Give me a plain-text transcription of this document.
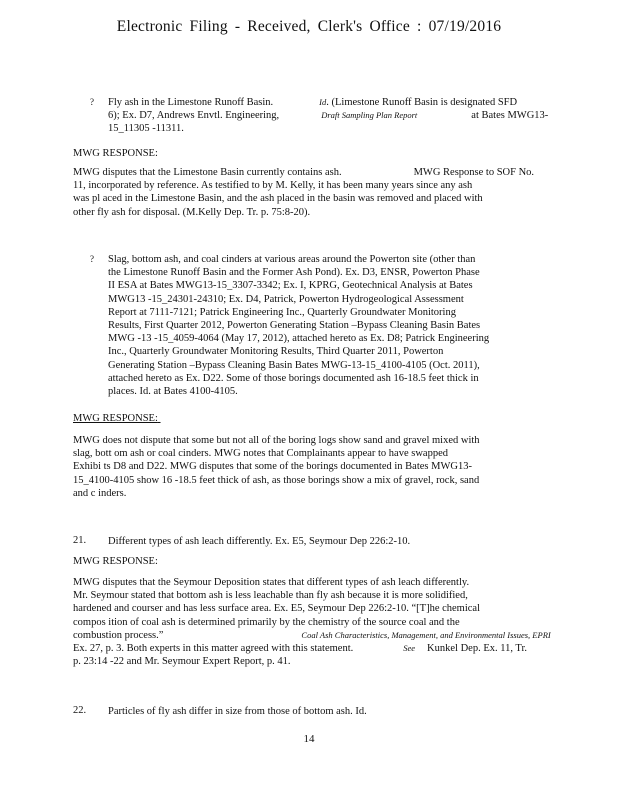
Electronic Filing - Received, Clerk's Office : 07/19/2016
? Fly ash in the Limestone Runoff Basin.	Id. (Limestone Runoff Basin is designated SFD

6); Ex. D7, Andrews Envtl. Engineering,	Draft Sampling Plan Report	at Bates MWG13-

15_11305 -11311.

MWG RESPONSE:

MWG disputes that the Limestone Basin currently contains ash.	MWG Response to SOF No.

11, incorporated by reference. As testified to by M. Kelly, it has been many years since any ash

was pl aced in the Limestone Basin, and the ash placed in the basin was removed and placed with

other fly ash for disposal. (M.Kelly Dep. Tr. p. 75:8-20).

? Slag, bottom ash, and coal cinders at various areas around the Powerton site (other than

the Limestone Runoff Basin and the Former Ash Pond). Ex. D3, ENSR, Powerton Phase

II ESA at Bates MWG13-15_3307-3342; Ex. I, KPRG, Geotechnical Analysis at Bates

MWG13 -15_24301-24310; Ex. D4, Patrick, Powerton Hydrogeological Assessment

Report at 7111-7121; Patrick Engineering Inc., Quarterly Groundwater Monitoring

Results, First Quarter 2012, Powerton Generating Station –Bypass Cleaning Basin Bates

MWG -13 -15_4059-4064 (May 17, 2012), attached hereto as Ex. D8; Patrick Engineering

Inc., Quarterly Groundwater Monitoring Results, Third Quarter 2011, Powerton

Generating Station –Bypass Cleaning Basin Bates MWG-13-15_4100-4105 (Oct. 2011),

attached hereto as Ex. D22. Some of those borings documented ash 16-18.5 feet thick in

places. Id. at Bates 4100-4105.

MWG RESPONSE:

MWG does not dispute that some but not all of the boring logs show sand and gravel mixed with

slag, bott om ash or coal cinders. MWG notes that Complainants appear to have swapped

Exhibi ts D8 and D22. MWG disputes that some of the borings documented in Bates MWG13-

15_4100-4105 show 16 -18.5 feet thick of ash, as those borings show a mix of gravel, rock, sand

and c inders.

21. Different types of ash leach differently. Ex. E5, Seymour Dep 226:2-10.

MWG RESPONSE:

MWG disputes that the Seymour Deposition states that different types of ash leach differently.

Mr. Seymour stated that bottom ash is less leachable than fly ash because it is more solidified,

hardened and courser and has less surface area. Ex. E5, Seymour Dep 226:2-10. “[T]he chemical

compos ition of coal ash is determined primarily by the chemistry of the source coal and the

combustion process.”	Coal Ash Characteristics, Management, and Environmental Issues, EPRI

Ex. 27, p. 3. Both experts in this matter agreed with this statement.	See Kunkel Dep. Ex. 11, Tr.

p. 23:14 -22 and Mr. Seymour Expert Report, p. 41.

22. Particles of fly ash differ in size from those of bottom ash. Id.

14
